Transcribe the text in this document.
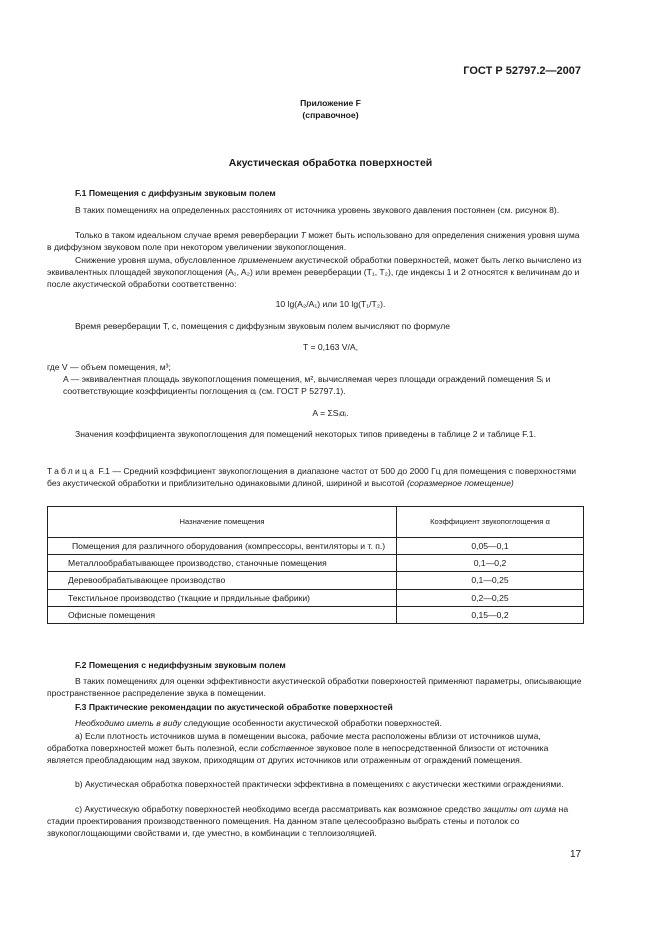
ГОСТ Р 52797.2—2007
Приложение F
(справочное)
Акустическая обработка поверхностей
F.1 Помещения с диффузным звуковым полем
В таких помещениях на определенных расстояниях от источника уровень звукового давления постоянен (см. рисунок 8).
Только в таком идеальном случае время реверберации T может быть использовано для определения снижения уровня шума в диффузном звуковом поле при некотором увеличении звукопоглощения.
Снижение уровня шума, обусловленное применением акустической обработки поверхностей, может быть легко вычислено из эквивалентных площадей звукопоглощения (A₁, A₂) или времен реверберации (T₁, T₂), где индексы 1 и 2 относятся к величинам до и после акустической обработки соответственно:
10 lg(A₂/A₁) или 10 lg(T₁/T₂).
Время реверберации T, с, помещения с диффузным звуковым полем вычисляют по формуле
T = 0,163 V/A,
где V — объем помещения, м³;
A — эквивалентная площадь звукопоглощения помещения, м², вычисляемая через площади ограждений помещения Sᵢ и соответствующие коэффициенты поглощения αᵢ (см. ГОСТ Р 52797.1).
A = ΣSᵢαᵢ.
Значения коэффициента звукопоглощения для помещений некоторых типов приведены в таблице 2 и таблице F.1.
Таблица F.1 — Средний коэффициент звукопоглощения в диапазоне частот от 500 до 2000 Гц для помещения с поверхностями без акустической обработки и приблизительно одинаковыми длиной, шириной и высотой (соразмерное помещение)
Назначение помещения	Коэффициент звукопоглощения α
Помещения для различного оборудования (компрессоры, вентиляторы и т. п.)	0,05—0,1
Металлообрабатывающее производство, станочные помещения	0,1—0,2
Деревообрабатывающее производство	0,1—0,25
Текстильное производство (ткацкие и прядильные фабрики)	0,2—0,25
Офисные помещения	0,15—0,2
F.2 Помещения с недиффузным звуковым полем
В таких помещениях для оценки эффективности акустической обработки поверхностей применяют параметры, описывающие пространственное распределение звука в помещении.
F.3 Практические рекомендации по акустической обработке поверхностей
Необходимо иметь в виду следующие особенности акустической обработки поверхностей.
a) Если плотность источников шума в помещении высока, рабочие места расположены вблизи от источников шума, обработка поверхностей может быть полезной, если собственное звуковое поле в непосредственной близости от источника является преобладающим над звуком, приходящим от других источников или отраженным от ограждений помещения.
b) Акустическая обработка поверхностей практически эффективна в помещениях с акустически жесткими ограждениями.
c) Акустическую обработку поверхностей необходимо всегда рассматривать как возможное средство защиты от шума на стадии проектирования производственного помещения. На данном этапе целесообразно выбрать стены и потолок со звукопоглощающими свойствами и, где уместно, в комбинации с теплоизоляцией.
17
